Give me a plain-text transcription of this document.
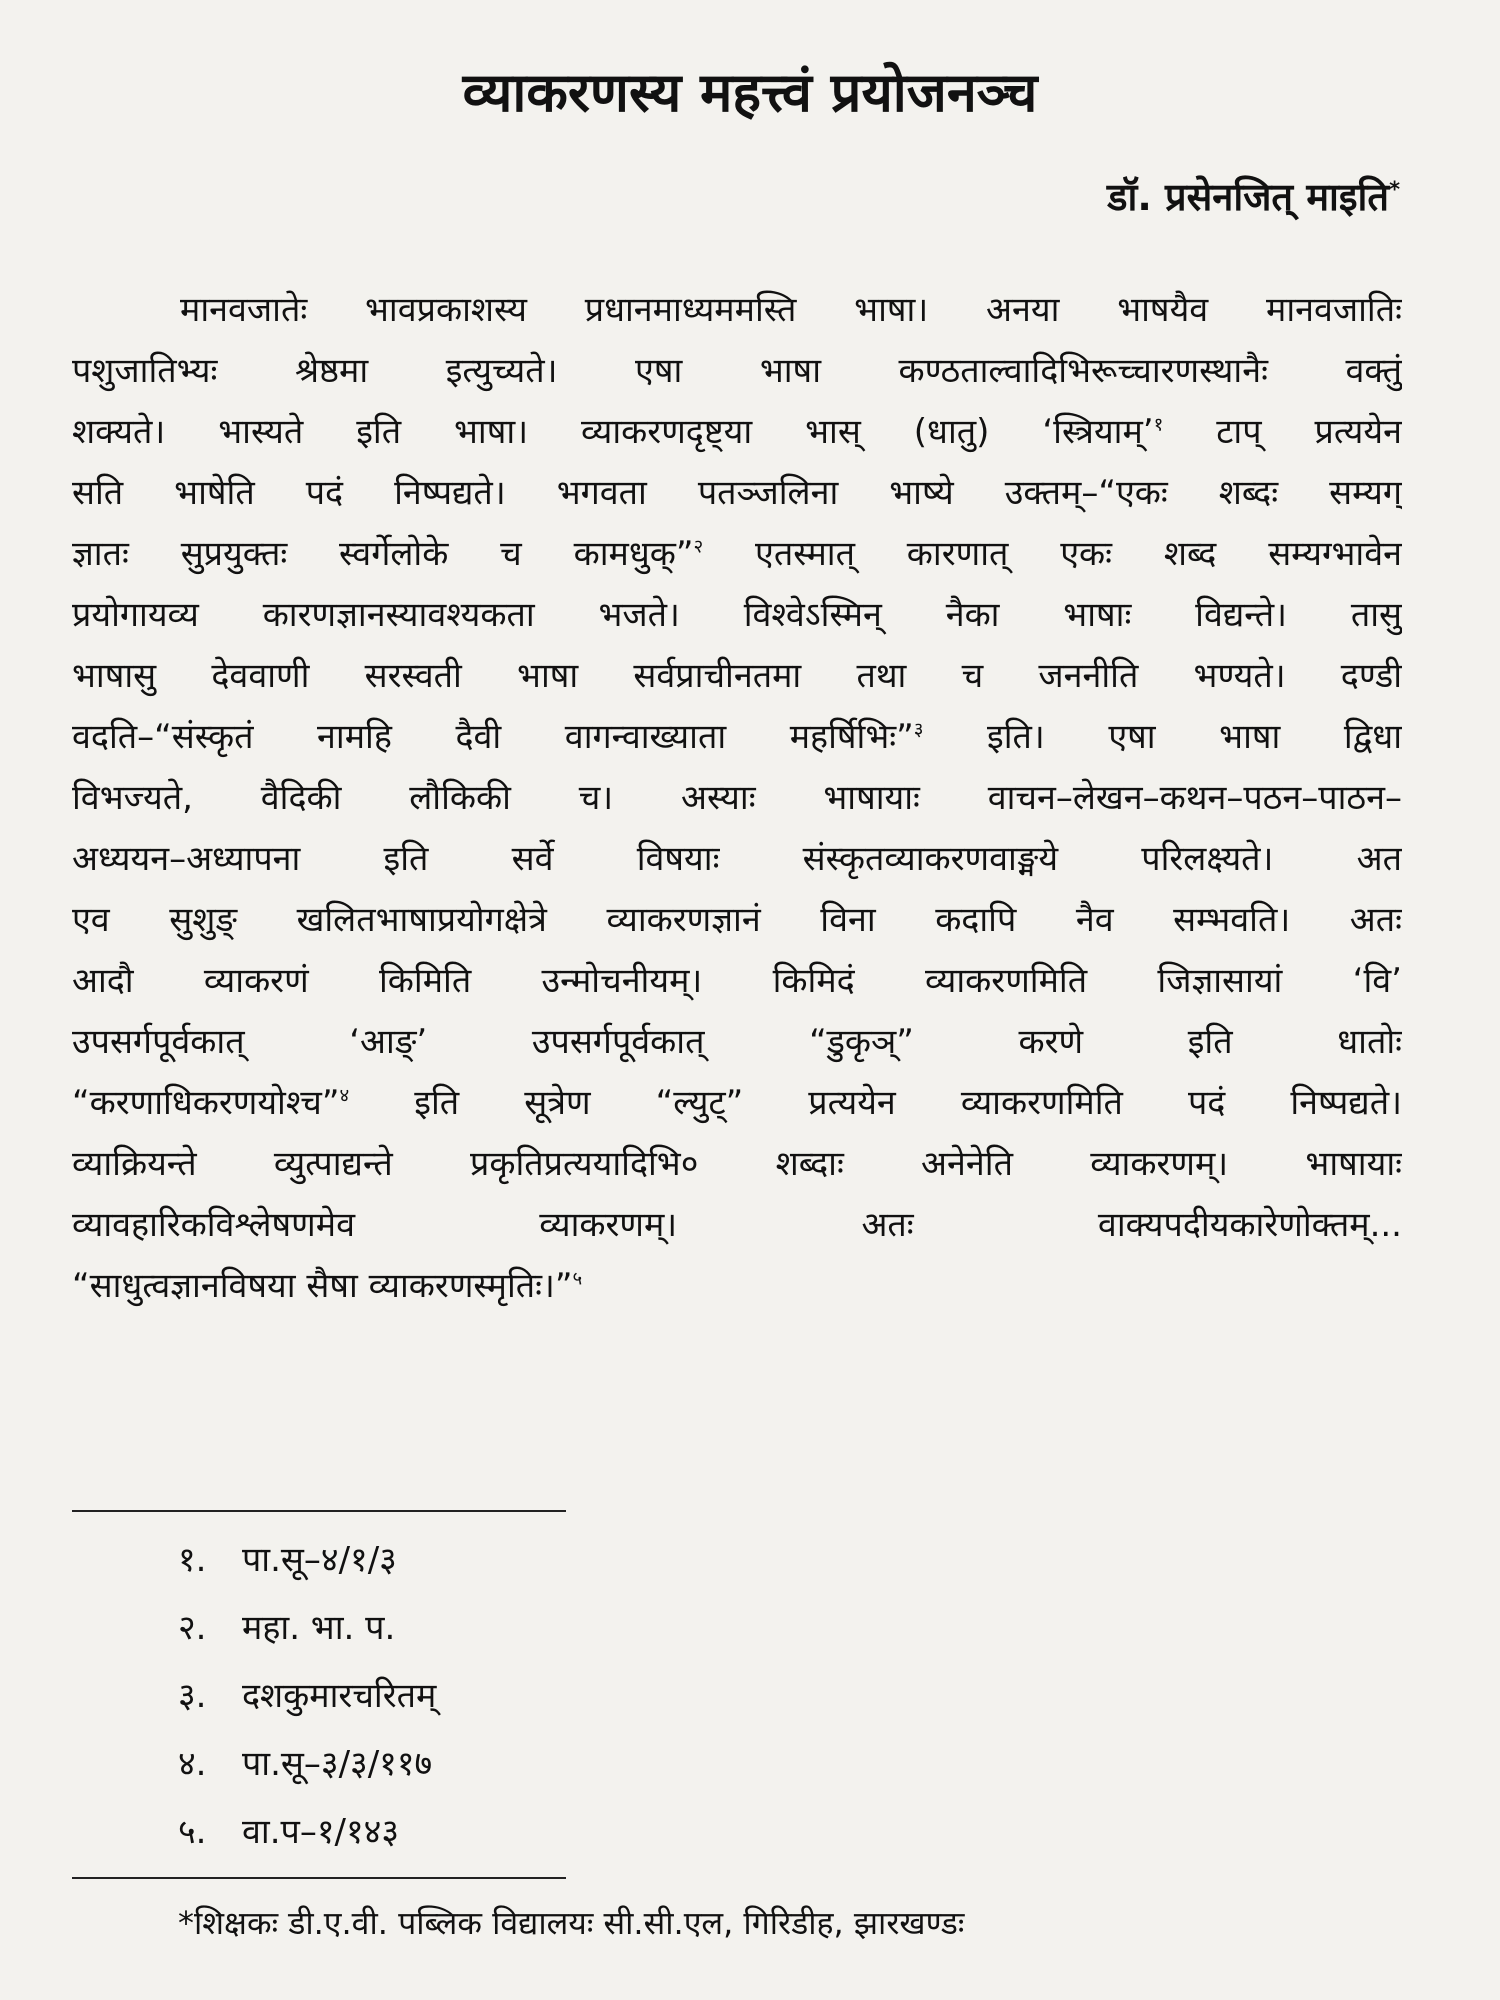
व्याकरणस्य महत्त्वं प्रयोजनञ्च
डॉ. प्रसेनजित् माइति*
मानवजातेः भावप्रकाशस्य प्रधानमाध्यममस्ति भाषा। अनया भाषयैव मानवजातिः
पशुजातिभ्यः श्रेष्ठमा इत्युच्यते। एषा भाषा कण्ठताल्वादिभिरूच्चारणस्थानैः वक्तुं
शक्यते। भास्यते इति भाषा। व्याकरणदृष्ट्या भास् (धातु) ‘स्त्रियाम्’$^१$ टाप् प्रत्ययेन
सति भाषेति पदं निष्पद्यते। भगवता पतञ्जलिना भाष्ये उक्तम्–“एकः शब्दः सम्यग्
ज्ञातः सुप्रयुक्तः स्वर्गेलोके च कामधुक्”$^२$ एतस्मात् कारणात् एकः शब्द सम्यग्भावेन
प्रयोगायव्य कारणज्ञानस्यावश्यकता भजते। विश्वेऽस्मिन् नैका भाषाः विद्यन्ते। तासु
भाषासु देववाणी सरस्वती भाषा सर्वप्राचीनतमा तथा च जननीति भण्यते। दण्डी
वदति–“संस्कृतं नामहि दैवी वागन्वाख्याता महर्षिभिः”$^३$ इति। एषा भाषा द्विधा
विभज्यते, वैदिकी लौकिकी च। अस्याः भाषायाः वाचन–लेखन–कथन–पठन–पाठन–
अध्ययन–अध्यापना इति सर्वे विषयाः संस्कृतव्याकरणवाङ्मये परिलक्ष्यते। अत
एव सुशुङ् खलितभाषाप्रयोगक्षेत्रे व्याकरणज्ञानं विना कदापि नैव सम्भवति। अतः
आदौ व्याकरणं किमिति उन्मोचनीयम्। किमिदं व्याकरणमिति जिज्ञासायां ‘वि’
उपसर्गपूर्वकात् ‘आङ्’ उपसर्गपूर्वकात् “डुकृञ्” करणे इति धातोः
“करणाधिकरणयोश्च”$^४$ इति सूत्रेण “ल्युट्” प्रत्ययेन व्याकरणमिति पदं निष्पद्यते।
व्याक्रियन्ते व्युत्पाद्यन्ते प्रकृतिप्रत्ययादिभि० शब्दाः अनेनेति व्याकरणम्। भाषायाः
व्यावहारिकविश्लेषणमेव व्याकरणम्। अतः वाक्यपदीयकारेणोक्तम्...
“साधुत्वज्ञानविषया सैषा व्याकरणस्मृतिः।”$^५$
१. पा.सू–४/१/३
२. महा. भा. प.
३. दशकुमारचरितम्
४. पा.सू–३/३/११७
५. वा.प–१/१४३
*शिक्षकः डी.ए.वी. पब्लिक विद्यालयः सी.सी.एल, गिरिडीह, झारखण्डः
